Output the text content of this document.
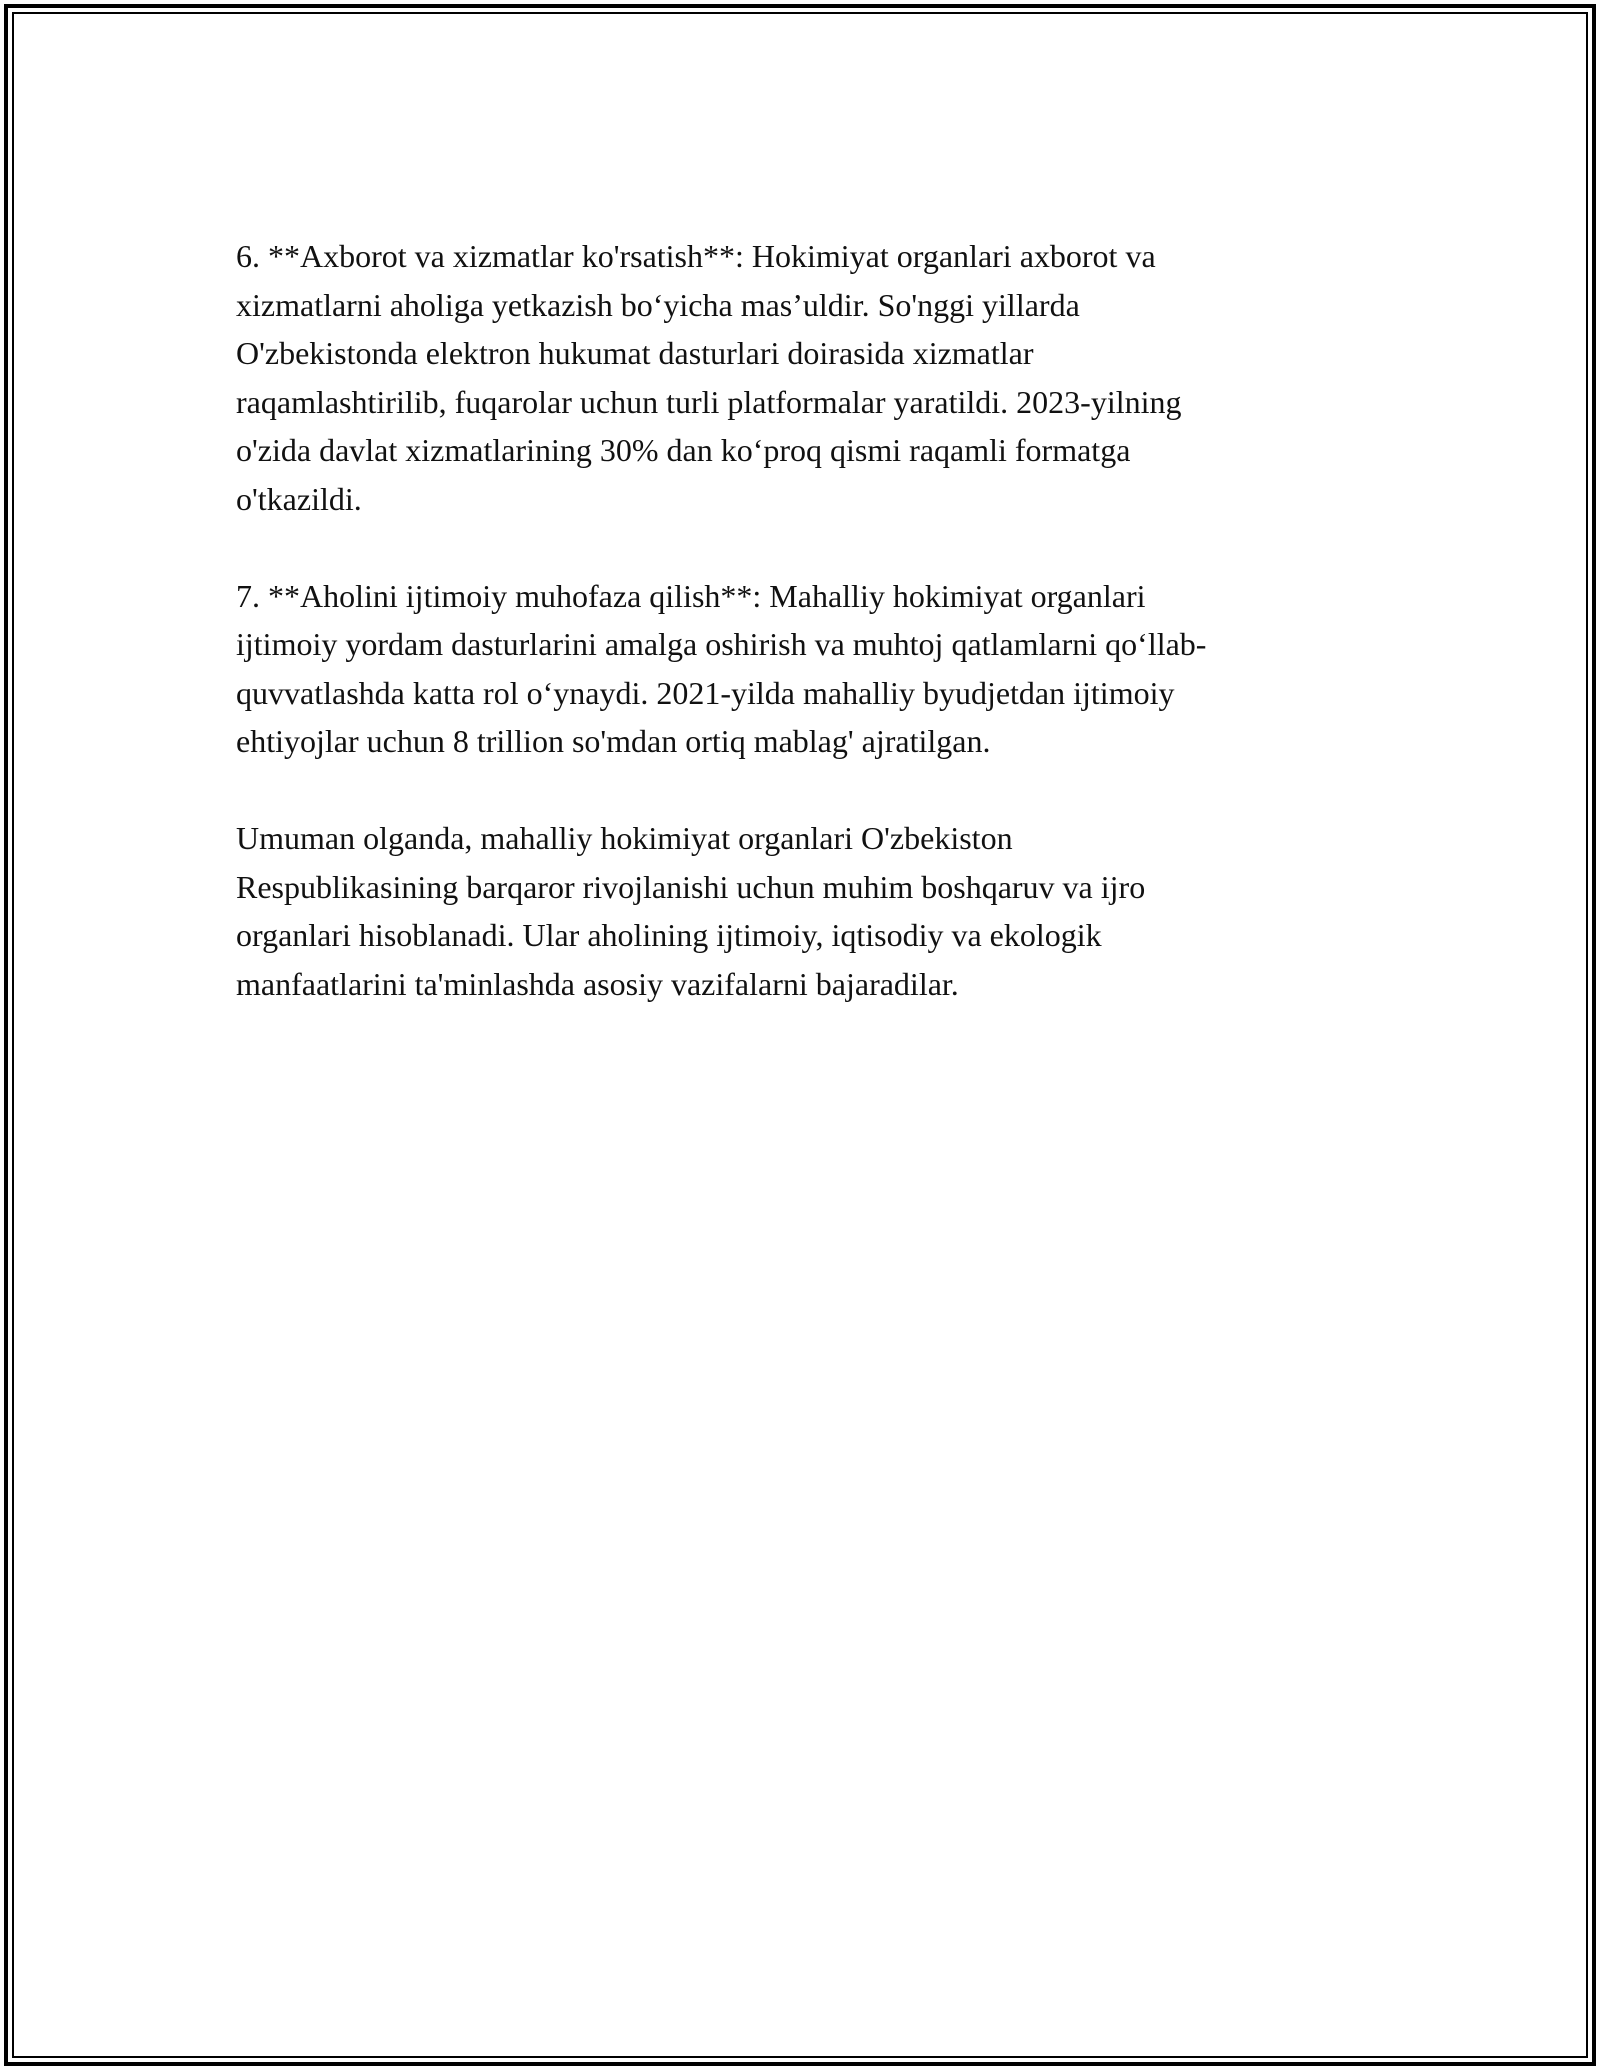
6. **Axborot va xizmatlar ko'rsatish**: Hokimiyat organlari axborot va
xizmatlarni aholiga yetkazish bo‘yicha mas’uldir. So'nggi yillarda
O'zbekistonda elektron hukumat dasturlari doirasida xizmatlar
raqamlashtirilib, fuqarolar uchun turli platformalar yaratildi. 2023-yilning
o'zida davlat xizmatlarining 30% dan ko‘proq qismi raqamli formatga
o'tkazildi.

7. **Aholini ijtimoiy muhofaza qilish**: Mahalliy hokimiyat organlari
ijtimoiy yordam dasturlarini amalga oshirish va muhtoj qatlamlarni qo‘llab-
quvvatlashda katta rol o‘ynaydi. 2021-yilda mahalliy byudjetdan ijtimoiy
ehtiyojlar uchun 8 trillion so'mdan ortiq mablag' ajratilgan.

Umuman olganda, mahalliy hokimiyat organlari O'zbekiston
Respublikasining barqaror rivojlanishi uchun muhim boshqaruv va ijro
organlari hisoblanadi. Ular aholining ijtimoiy, iqtisodiy va ekologik
manfaatlarini ta'minlashda asosiy vazifalarni bajaradilar.
